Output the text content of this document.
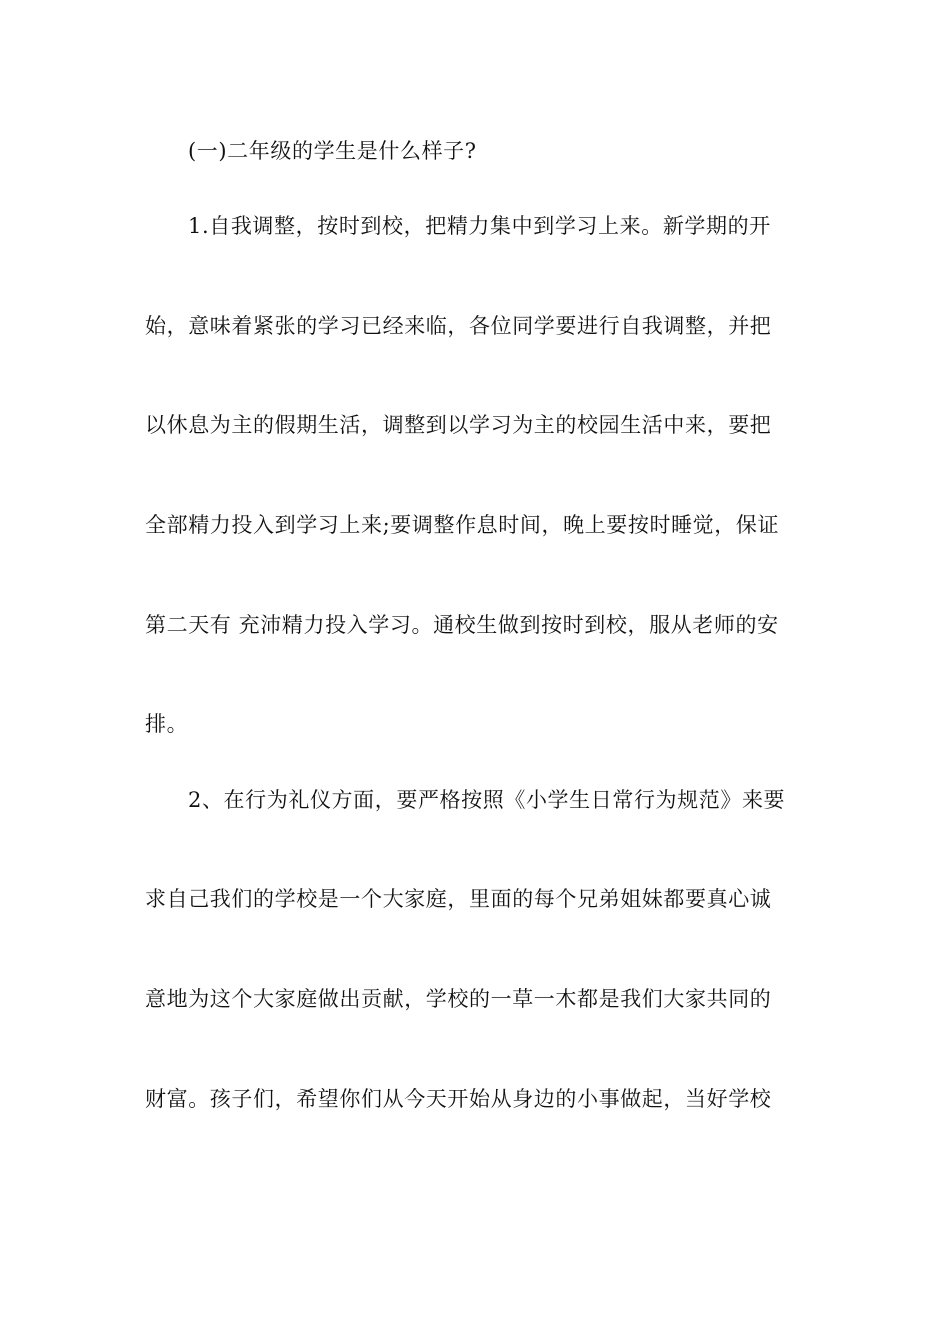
(一)二年级的学生是什么样子?
1.自我调整，按时到校，把精力集中到学习上来。新学期的开
始，意味着紧张的学习已经来临，各位同学要进行自我调整，并把
以休息为主的假期生活，调整到以学习为主的校园生活中来，要把
全部精力投入到学习上来;要调整作息时间，晚上要按时睡觉，保证
第二天有 充沛精力投入学习。通校生做到按时到校，服从老师的安
排。
2、在行为礼仪方面，要严格按照《小学生日常行为规范》来要
求自己我们的学校是一个大家庭，里面的每个兄弟姐妹都要真心诚
意地为这个大家庭做出贡献，学校的一草一木都是我们大家共同的
财富。孩子们，希望你们从今天开始从身边的小事做起，当好学校
